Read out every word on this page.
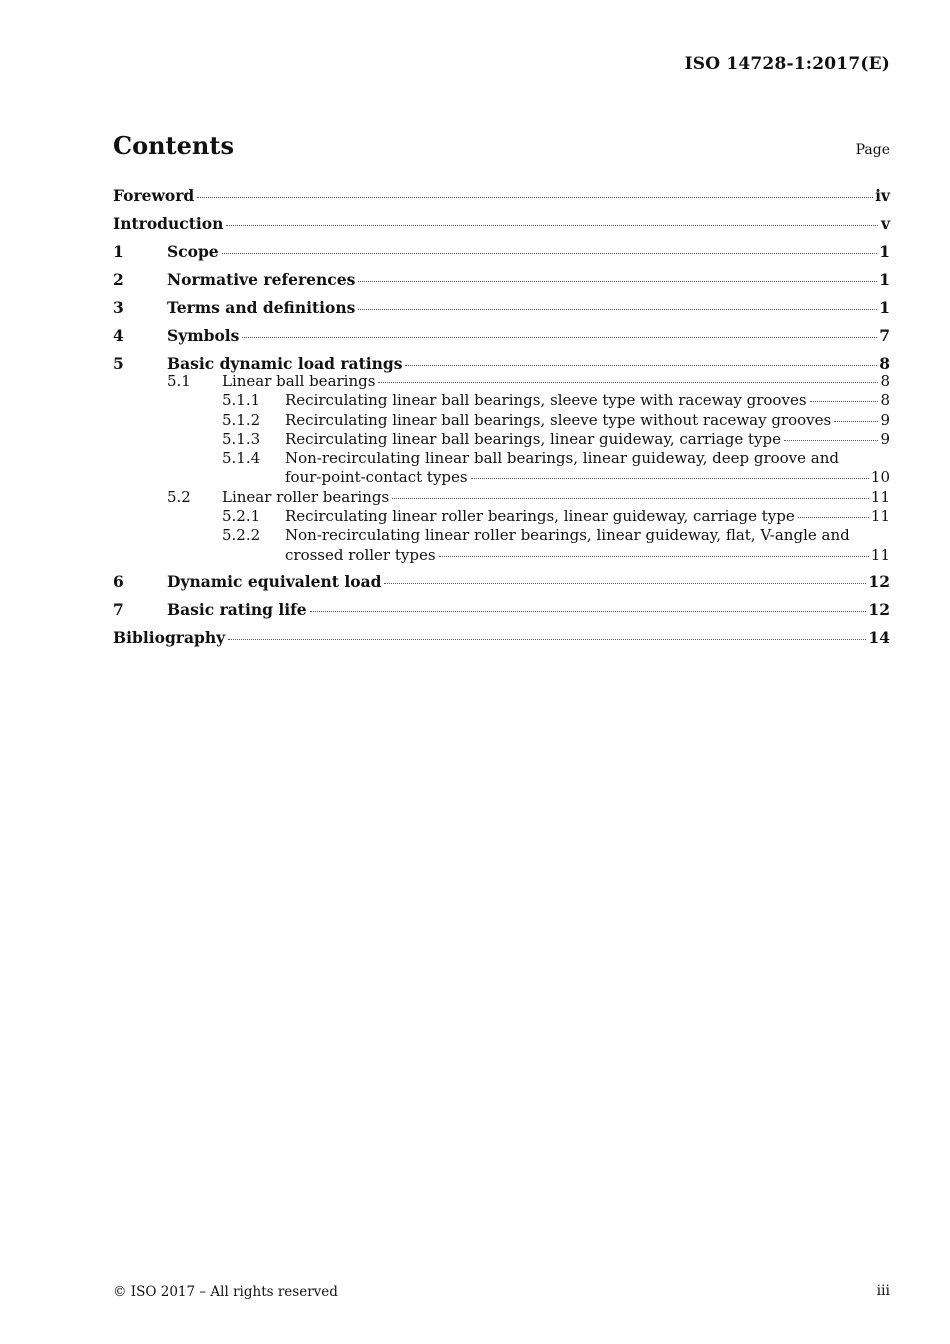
ISO 14728-1:2017(E)
Contents	Page
Foreword	iv
Introduction	v
1	Scope	1
2	Normative references	1
3	Terms and definitions	1
4	Symbols	7
5	Basic dynamic load ratings	8
5.1	Linear ball bearings	8
5.1.1	Recirculating linear ball bearings, sleeve type with raceway grooves	8
5.1.2	Recirculating linear ball bearings, sleeve type without raceway grooves	9
5.1.3	Recirculating linear ball bearings, linear guideway, carriage type	9
5.1.4	Non-recirculating linear ball bearings, linear guideway, deep groove and
four-point-contact types	10
5.2	Linear roller bearings	11
5.2.1	Recirculating linear roller bearings, linear guideway, carriage type	11
5.2.2	Non-recirculating linear roller bearings, linear guideway, flat, V-angle and
crossed roller types	11
6	Dynamic equivalent load	12
7	Basic rating life	12
Bibliography	14
© ISO 2017 – All rights reserved	iii
